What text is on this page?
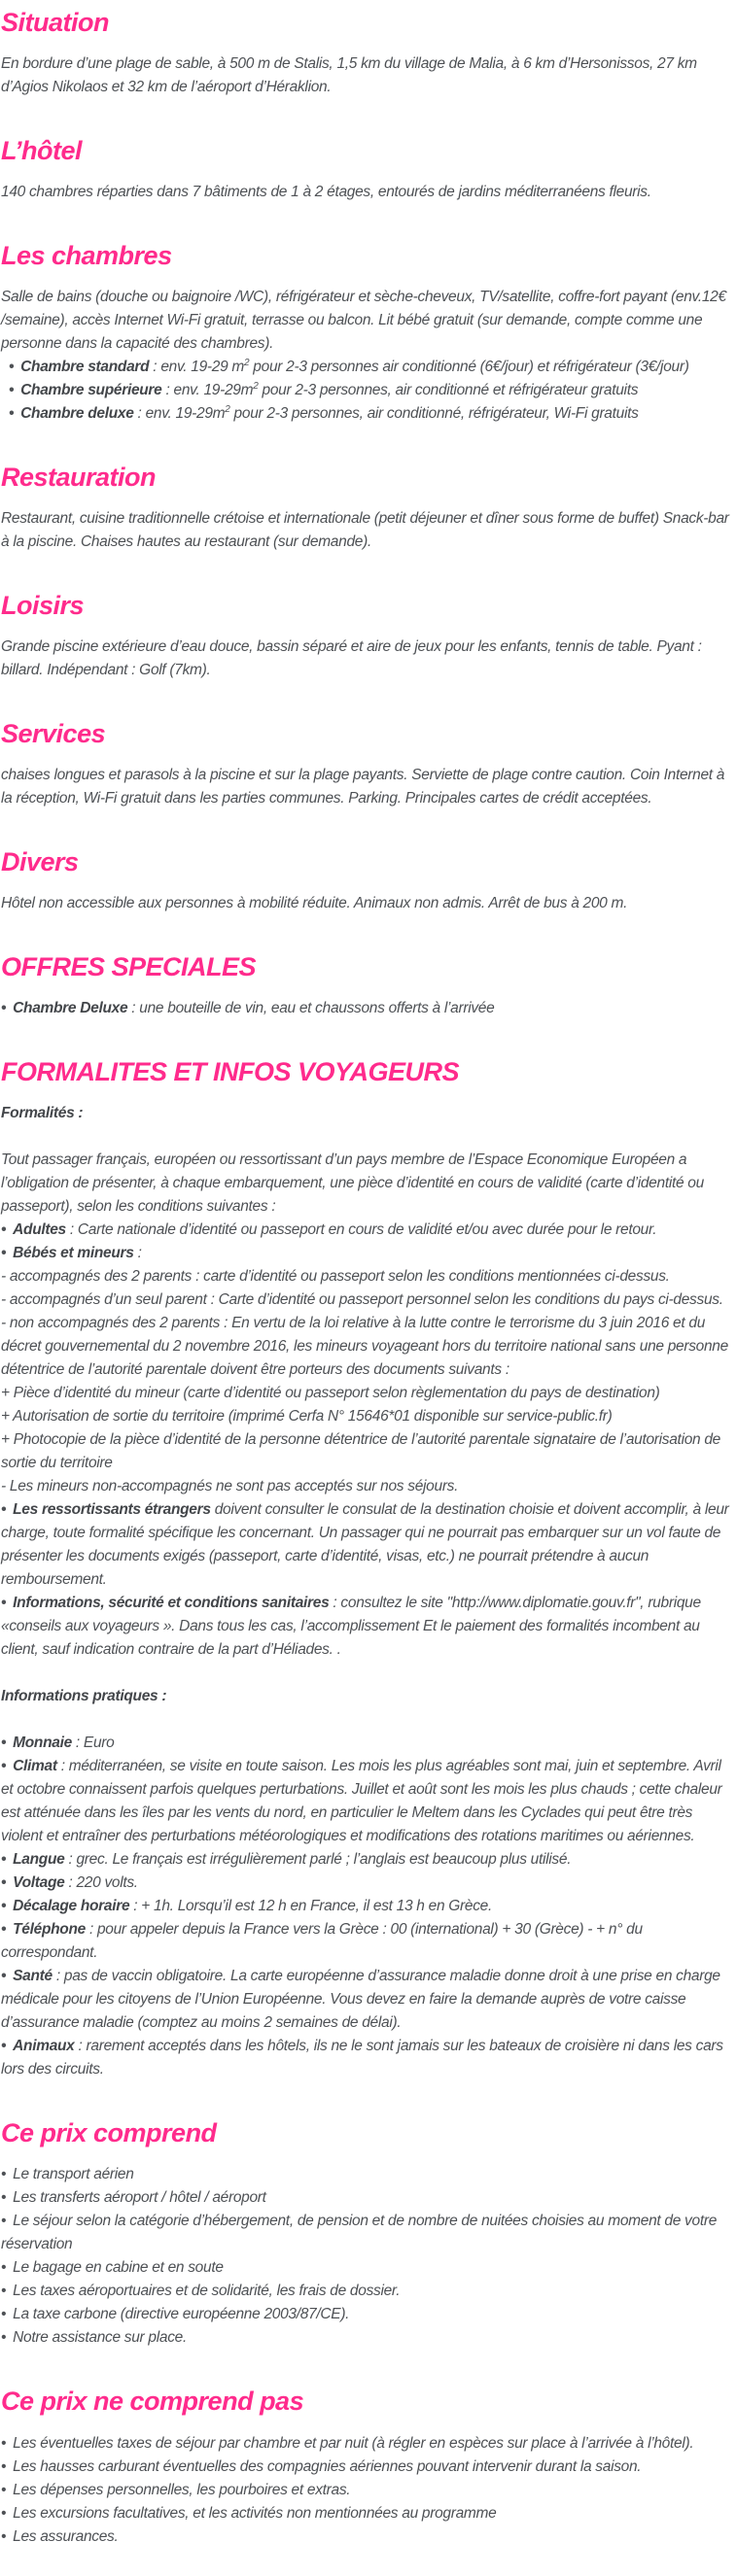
Situation

En bordure d’une plage de sable, à 500 m de Stalis, 1,5 km du village de Malia, à 6 km d’Hersonissos, 27 km d’Agios Nikolaos et 32 km de l’aéroport d’Héraklion.

L’hôtel

140 chambres réparties dans 7 bâtiments de 1 à 2 étages, entourés de jardins méditerranéens fleuris.

Les chambres

Salle de bains (douche ou baignoire /WC), réfrigérateur et sèche-cheveux, TV/satellite, coffre-fort payant (env.12€ /semaine), accès Internet Wi-Fi gratuit, terrasse ou balcon. Lit bébé gratuit (sur demande, compte comme une personne dans la capacité des chambres).

• Chambre standard : env. 19-29 $m^2$ pour 2-3 personnes air conditionné (6€/jour) et réfrigérateur (3€/jour)

• Chambre supérieure : env. $19-29m^2$ pour 2-3 personnes, air conditionné et réfrigérateur gratuits

• Chambre deluxe : env. $19-29m^2$ pour 2-3 personnes, air conditionné, réfrigérateur, Wi-Fi gratuits

Restauration

Restaurant, cuisine traditionnelle crétoise et internationale (petit déjeuner et dîner sous forme de buffet) Snack-bar à la piscine. Chaises hautes au restaurant (sur demande).

Loisirs

Grande piscine extérieure d’eau douce, bassin séparé et aire de jeux pour les enfants, tennis de table. Pyant : billard. Indépendant : Golf (7km).

Services

chaises longues et parasols à la piscine et sur la plage payants. Serviette de plage contre caution. Coin Internet à la réception, Wi-Fi gratuit dans les parties communes. Parking. Principales cartes de crédit acceptées.

Divers

Hôtel non accessible aux personnes à mobilité réduite. Animaux non admis. Arrêt de bus à 200 m.

OFFRES SPECIALES

• Chambre Deluxe : une bouteille de vin, eau et chaussons offerts à l’arrivée

FORMALITES ET INFOS VOYAGEURS
Formalités :

Tout passager français, européen ou ressortissant d’un pays membre de l’Espace Economique Européen a l’obligation de présenter, à chaque embarquement, une pièce d’identité en cours de validité (carte d’identité ou passeport), selon les conditions suivantes :

• Adultes : Carte nationale d’identité ou passeport en cours de validité et/ou avec durée pour le retour.

• Bébés et mineurs :

- accompagnés des 2 parents : carte d’identité ou passeport selon les conditions mentionnées ci-dessus.

- accompagnés d’un seul parent : Carte d’identité ou passeport personnel selon les conditions du pays ci-dessus.

- non accompagnés des 2 parents : En vertu de la loi relative à la lutte contre le terrorisme du 3 juin 2016 et du décret gouvernemental du 2 novembre 2016, les mineurs voyageant hors du territoire national sans une personne détentrice de l’autorité parentale doivent être porteurs des documents suivants :

+ Pièce d’identité du mineur (carte d’identité ou passeport selon règlementation du pays de destination)

+ Autorisation de sortie du territoire (imprimé Cerfa N° 15646*01 disponible sur service-public.fr)

+ Photocopie de la pièce d’identité de la personne détentrice de l’autorité parentale signataire de l’autorisation de sortie du territoire

- Les mineurs non-accompagnés ne sont pas acceptés sur nos séjours.

• Les ressortissants étrangers doivent consulter le consulat de la destination choisie et doivent accomplir, à leur charge, toute formalité spécifique les concernant. Un passager qui ne pourrait pas embarquer sur un vol faute de présenter les documents exigés (passeport, carte d’identité, visas, etc.) ne pourrait prétendre à aucun remboursement.

• Informations, sécurité et conditions sanitaires : consultez le site "http://www.diplomatie.gouv.fr", rubrique «conseils aux voyageurs ». Dans tous les cas, l’accomplissement Et le paiement des formalités incombent au client, sauf indication contraire de la part d’Héliades. .

Informations pratiques :

• Monnaie : Euro

• Climat : méditerranéen, se visite en toute saison. Les mois les plus agréables sont mai, juin et septembre. Avril et octobre connaissent parfois quelques perturbations. Juillet et août sont les mois les plus chauds ; cette chaleur est atténuée dans les îles par les vents du nord, en particulier le Meltem dans les Cyclades qui peut être très violent et entraîner des perturbations météorologiques et modifications des rotations maritimes ou aériennes.

• Langue : grec. Le français est irrégulièrement parlé ; l’anglais est beaucoup plus utilisé.

• Voltage : 220 volts.

• Décalage horaire : + 1h. Lorsqu’il est 12 h en France, il est 13 h en Grèce.

• Téléphone : pour appeler depuis la France vers la Grèce : 00 (international) + 30 (Grèce) - + n° du correspondant.

• Santé : pas de vaccin obligatoire. La carte européenne d’assurance maladie donne droit à une prise en charge médicale pour les citoyens de l’Union Européenne. Vous devez en faire la demande auprès de votre caisse d’assurance maladie (comptez au moins 2 semaines de délai).

• Animaux : rarement acceptés dans les hôtels, ils ne le sont jamais sur les bateaux de croisière ni dans les cars lors des circuits.

Ce prix comprend

• Le transport aérien

• Les transferts aéroport / hôtel / aéroport

• Le séjour selon la catégorie d’hébergement, de pension et de nombre de nuitées choisies au moment de votre réservation

• Le bagage en cabine et en soute

• Les taxes aéroportuaires et de solidarité, les frais de dossier.

• La taxe carbone (directive européenne 2003/87/CE).

• Notre assistance sur place.

Ce prix ne comprend pas

• Les éventuelles taxes de séjour par chambre et par nuit (à régler en espèces sur place à l’arrivée à l’hôtel).

• Les hausses carburant éventuelles des compagnies aériennes pouvant intervenir durant la saison.

• Les dépenses personnelles, les pourboires et extras.

• Les excursions facultatives, et les activités non mentionnées au programme

• Les assurances.
